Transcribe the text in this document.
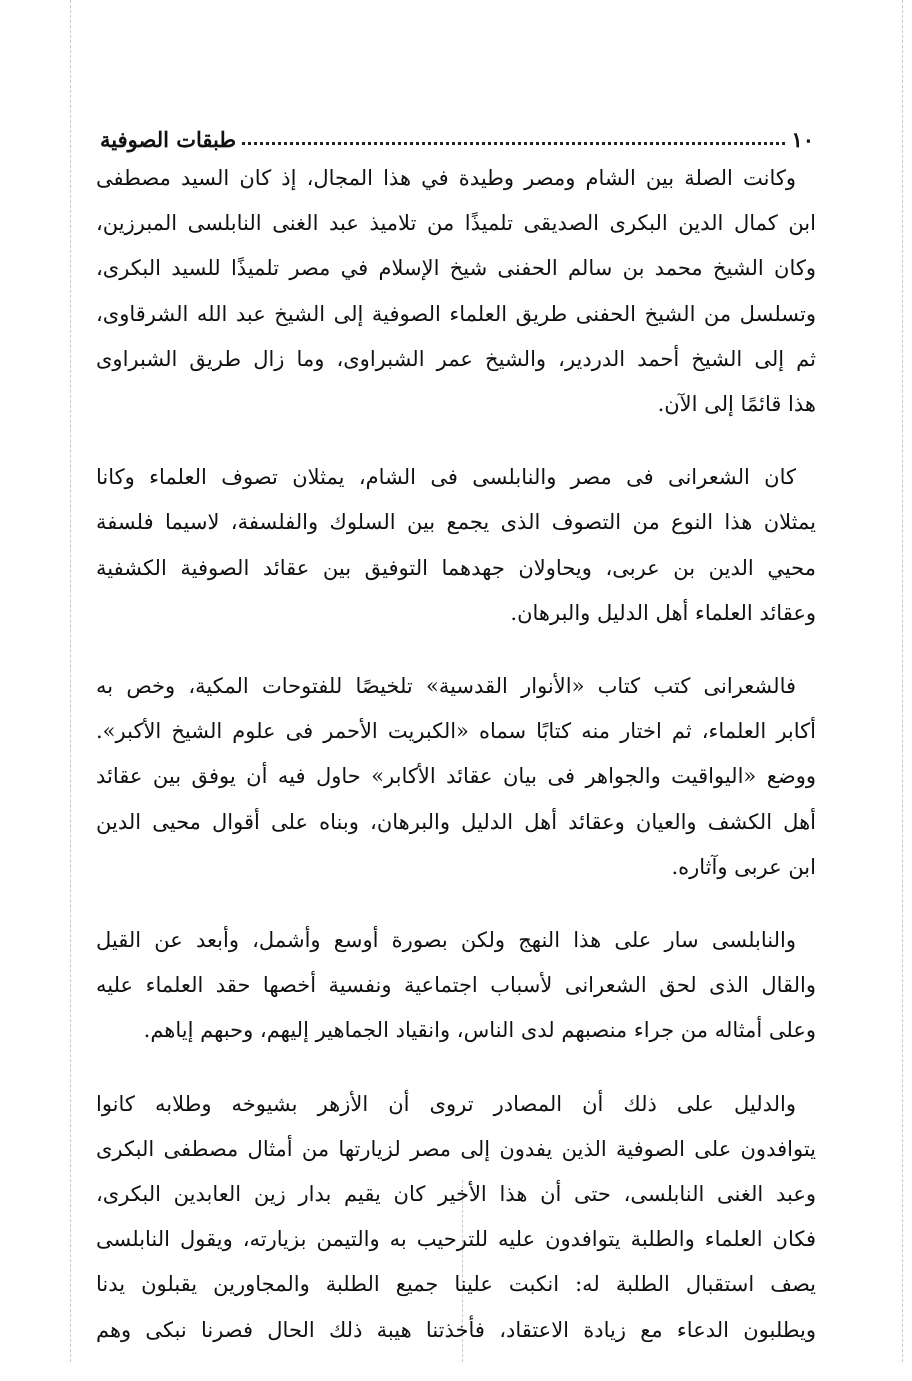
طبقات الصوفية	١٠
وكانت الصلة بين الشام ومصر وطيدة في هذا المجال، إذ كان السيد مصطفى
ابن كمال الدين البكرى الصديقى تلميذًا من تلاميذ عبد الغنى النابلسى المبرزين،
وكان الشيخ محمد بن سالم الحفنى شيخ الإسلام في مصر تلميذًا للسيد البكرى،
وتسلسل من الشيخ الحفنى طريق العلماء الصوفية إلى الشيخ عبد الله الشرقاوى،
ثم إلى الشيخ أحمد الدردير، والشيخ عمر الشبراوى، وما زال طريق الشبراوى
هذا قائمًا إلى الآن.
كان الشعرانى فى مصر والنابلسى فى الشام، يمثلان تصوف العلماء وكانا
يمثلان هذا النوع من التصوف الذى يجمع بين السلوك والفلسفة، لاسيما فلسفة
محيي الدين بن عربى، ويحاولان جهدهما التوفيق بين عقائد الصوفية الكشفية
وعقائد العلماء أهل الدليل والبرهان.
فالشعرانى كتب كتاب «الأنوار القدسية» تلخيصًا للفتوحات المكية، وخص به
أكابر العلماء، ثم اختار منه كتابًا سماه «الكبريت الأحمر فى علوم الشيخ الأكبر».
ووضع «اليواقيت والجواهر فى بيان عقائد الأكابر» حاول فيه أن يوفق بين عقائد
أهل الكشف والعيان وعقائد أهل الدليل والبرهان، وبناه على أقوال محيى الدين
ابن عربى وآثاره.
والنابلسى سار على هذا النهج ولكن بصورة أوسع وأشمل، وأبعد عن القيل
والقال الذى لحق الشعرانى لأسباب اجتماعية ونفسية أخصها حقد العلماء عليه
وعلى أمثاله من جراء منصبهم لدى الناس، وانقياد الجماهير إليهم، وحبهم إياهم.
والدليل على ذلك أن المصادر تروى أن الأزهر بشيوخه وطلابه كانوا
يتوافدون على الصوفية الذين يفدون إلى مصر لزيارتها من أمثال مصطفى البكرى
وعبد الغنى النابلسى، حتى أن هذا الأخير كان يقيم بدار زين العابدين البكرى،
فكان العلماء والطلبة يتوافدون عليه للترحيب به والتيمن بزيارته، ويقول النابلسى
يصف استقبال الطلبة له: انكبت علينا جميع الطلبة والمجاورين يقبلون يدنا
ويطلبون الدعاء مع زيادة الاعتقاد، فأخذتنا هيبة ذلك الحال فصرنا نبكى وهم
